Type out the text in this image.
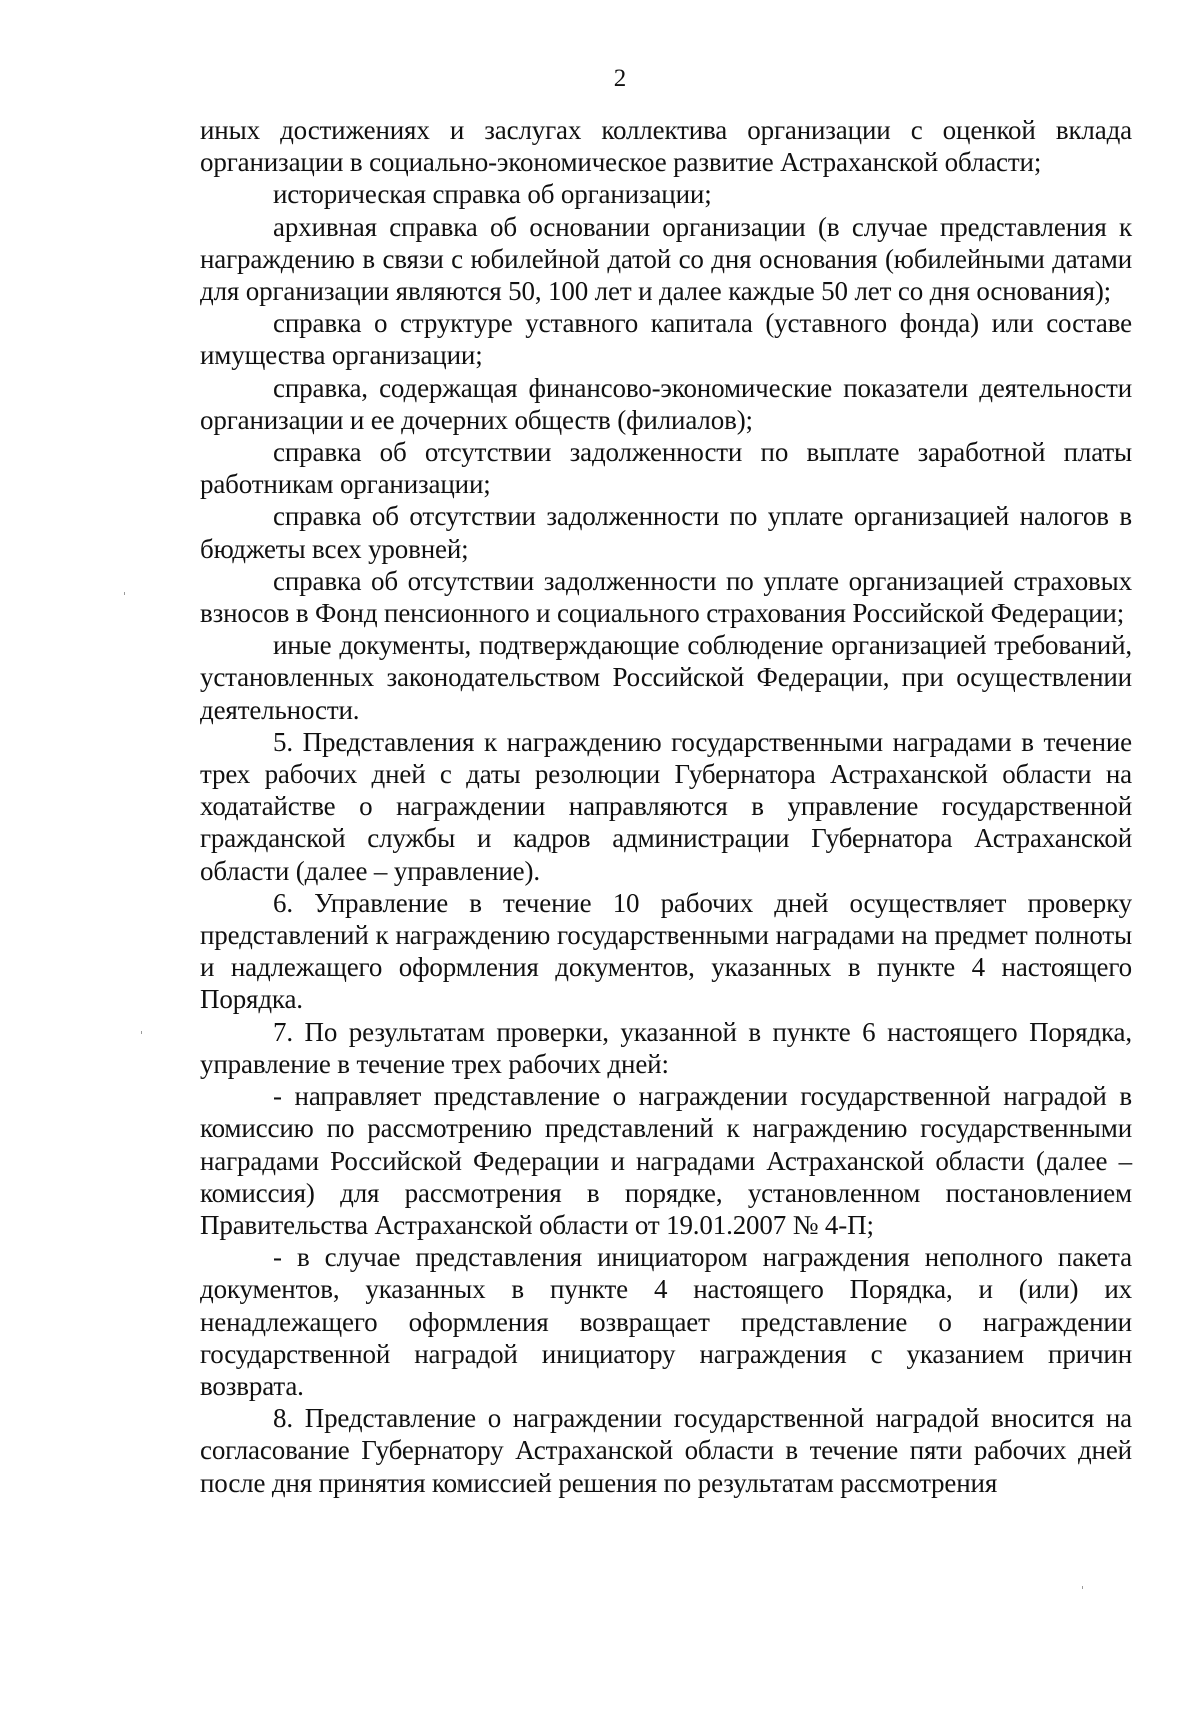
2

иных достижениях и заслугах коллектива организации с оценкой вклада организации в социально-экономическое развитие Астраханской области;

историческая справка об организации;

архивная справка об основании организации (в случае представления к награждению в связи с юбилейной датой со дня основания (юбилейными датами для организации являются 50, 100 лет и далее каждые 50 лет со дня основания);

справка о структуре уставного капитала (уставного фонда) или составе имущества организации;

справка, содержащая финансово-экономические показатели деятельности организации и ее дочерних обществ (филиалов);

справка об отсутствии задолженности по выплате заработной платы работникам организации;

справка об отсутствии задолженности по уплате организацией налогов в бюджеты всех уровней;

справка об отсутствии задолженности по уплате организацией страховых взносов в Фонд пенсионного и социального страхования Российской Федерации;

иные документы, подтверждающие соблюдение организацией требований, установленных законодательством Российской Федерации, при осуществлении деятельности.

5. Представления к награждению государственными наградами в течение трех рабочих дней с даты резолюции Губернатора Астраханской области на ходатайстве о награждении направляются в управление государственной гражданской службы и кадров администрации Губернатора Астраханской области (далее – управление).

6. Управление в течение 10 рабочих дней осуществляет проверку представлений к награждению государственными наградами на предмет полноты и надлежащего оформления документов, указанных в пункте 4 настоящего Порядка.

7. По результатам проверки, указанной в пункте 6 настоящего Порядка, управление в течение трех рабочих дней:

- направляет представление о награждении государственной наградой в комиссию по рассмотрению представлений к награждению государственными наградами Российской Федерации и наградами Астраханской области (далее – комиссия) для рассмотрения в порядке, установленном постановлением Правительства Астраханской области от 19.01.2007 № 4-П;

- в случае представления инициатором награждения неполного пакета документов, указанных в пункте 4 настоящего Порядка, и (или) их ненадлежащего оформления возвращает представление о награждении государственной наградой инициатору награждения с указанием причин возврата.

8. Представление о награждении государственной наградой вносится на согласование Губернатору Астраханской области в течение пяти рабочих дней после дня принятия комиссией решения по результатам рассмотрения
